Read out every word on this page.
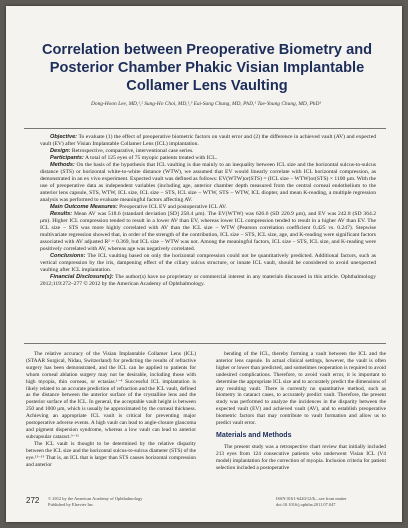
Correlation between Preoperative Biometry and Posterior Chamber Phakic Visian Implantable Collamer Lens Vaulting
Dong-Hoon Lee, MD,¹,² Sung-Ho Choi, MD,¹,³ Eui-Sang Chung, MD, PhD,¹ Tae-Young Chung, MD, PhD¹

Objective: To evaluate (1) the effect of preoperative biometric factors on vault error and (2) the difference in achieved vault (AV) and expected vault (EV) after Visian Implantable Collamer Lens (ICL) implantation.

Design: Retrospective, comparative, interventional case series.

Participants: A total of 125 eyes of 75 myopic patients treated with ICL.

Methods: On the basis of the hypothesis that ICL vaulting is due mainly to an inequality between ICL size and the horizontal sulcus-to-sulcus distance (STS) or horizontal white-to-white distance (WTW), we assumed that EV would linearly correlate with ICL horizontal compression, as demonstrated in an ex vivo experiment. Expected vault was defined as follows: EV(WTW)or(STS) = (ICL size − WTW)or(STS) × 1100 μm. With the use of preoperative data as independent variables (including age, anterior chamber depth measured from the central corneal endothelium to the anterior lens capsule, STS, WTW, ICL size, ICL size − STS, ICL size − WTW, STS − WTW, ICL diopter, and mean K-reading, a multiple regression analysis was performed to evaluate meaningful factors affecting AV.

Main Outcome Measures: Preoperative ICL EV and postoperative ICL AV.

Results: Mean AV was 518.6 (standard deviation [SD] 258.4 μm). The EV(WTW) was 626.6 (SD 220.9 μm), and EV was 242.8 (SD 364.2 μm). Higher ICL compression tended to result in a lower AV than EV, whereas lower ICL compression tended to result in a higher AV than EV. The ICL size − STS was more highly correlated with AV than the ICL size − WTW (Pearson correlation coefficient 0.425 vs. 0.247). Stepwise multivariate regression showed that, in order of the strength of the contribution, ICL size − STS, ICL size, age, and K-reading were significant factors associated with AV adjusted R² = 0.369, but ICL size − WTW was not. Among the meaningful factors, ICL size − STS, ICL size, and K-reading were positively correlated with AV, whereas age was negatively correlated.

Conclusions: The ICL vaulting based on only the horizontal compression could not be quantitatively predicted. Additional factors, such as vertical compression by the iris, dampening effect of the ciliary sulcus structure, or innate ICL vault, should be considered to avoid unexpected vaulting after ICL implantation.

Financial Disclosure(s): The author(s) have no proprietary or commercial interest in any materials discussed in this article. Ophthalmology 2012;119:272–277 © 2012 by the American Academy of Ophthalmology.

The relative accuracy of the Visian Implantable Collamer Lens (ICL) (STAAR Surgical, Nidau, Switzerland) for predicting the results of refractive surgery has been demonstrated, and the ICL can be applied to patients for whom corneal ablation surgery may not be desirable, including those with high myopia, thin corneas, or ectasias.¹⁻⁴ Successful ICL implantation is likely related to an accurate prediction of refraction and the ICL vault, defined as the distance between the anterior surface of the crystalline lens and the posterior surface of the ICL. In general, the acceptable vault height is between 250 and 1000 μm, which is usually be approximated by the corneal thickness. Achieving an appropriate ICL vault is critical for preventing major postoperative adverse events. A high vault can lead to angle-closure glaucoma and pigment dispersion syndrome, whereas a low vault can lead to anterior subcapsular cataract.⁵⁻¹¹

The ICL vault is thought to be determined by the relative disparity between the ICL size and the horizontal sulcus-to-sulcus diameter (STS) of the eye.¹²⁻¹⁵ That is, an ICL that is larger than STS causes horizontal compression and anterior

bending of the ICL, thereby forming a vault between the ICL and the anterior lens capsule. In actual clinical settings, however, the vault is often higher or lower than predicted, and sometimes reoperation is required to avoid undesired complications. Therefore, to avoid vault error, it is important to determine the appropriate ICL size and to accurately predict the dimensions of any resulting vault. There is currently no quantitative method, such as biometry in cataract cases, to accurately predict vault. Therefore, the present study was performed to analyze the incidences in the disparity between the expected vault (EV) and achieved vault (AV), and to establish preoperative biometric factors that may contribute to vault formation and allow us to predict vault error.

Materials and Methods

The present study was a retrospective chart review that initially included 213 eyes from 124 consecutive patients who underwent Visian ICL (V4 model) implantation for the correction of myopia. Inclusion criteria for patient selection included a postoperative

272 © 2012 by the American Academy of Ophthalmology
Published by Elsevier Inc.
ISSN 0161-6420/12/$—see front matter
doi:10.1016/j.ophtha.2011.07.047
